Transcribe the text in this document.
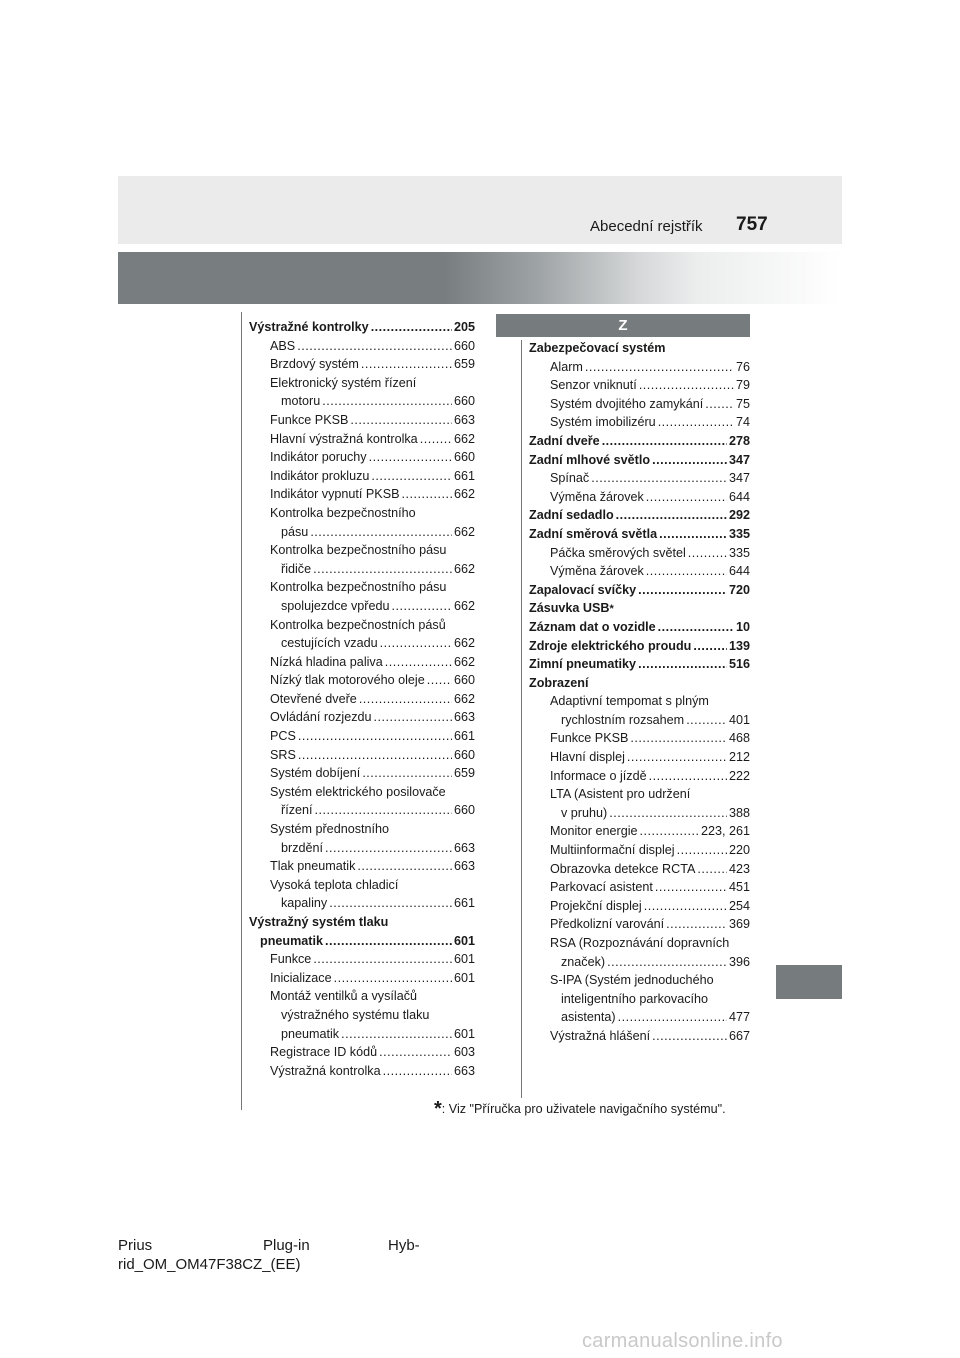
Abecední rejstřík 757
Z
Výstražné kontrolky .....	205
ABS .....	660
Brzdový systém .....	659
Elektronický systém řízení
motoru .....	660
Funkce PKSB .....	663
Hlavní výstražná kontrolka .....	662
Indikátor poruchy .....	660
Indikátor prokluzu .....	661
Indikátor vypnutí PKSB .....	662
Kontrolka bezpečnostního
pásu .....	662
Kontrolka bezpečnostního pásu
řidiče .....	662
Kontrolka bezpečnostního pásu
spolujezdce vpředu .....	662
Kontrolka bezpečnostních pásů
cestujících vzadu .....	662
Nízká hladina paliva .....	662
Nízký tlak motorového oleje ..... 660
Otevřené dveře .....	662
Ovládání rozjezdu .....	663
PCS .....	661
SRS .....	660
Systém dobíjení .....	659
Systém elektrického posilovače
řízení .....	660
Systém přednostního
brzdění .....	663
Tlak pneumatik .....	663
Vysoká teplota chladicí
kapaliny .....	661
Výstražný systém tlaku
pneumatik .....	601
Funkce .....	601
Inicializace .....	601
Montáž ventilků a vysílačů
výstražného systému tlaku
pneumatik .....	601
Registrace ID kódů .....	603
Výstražná kontrolka .....	663
Zabezpečovací systém
Alarm .....	76
Senzor vniknutí .....	79
Systém dvojitého zamykání .....	75
Systém imobilizéru .....	74
Zadní dveře .....	278
Zadní mlhové světlo .....	347
Spínač .....	347
Výměna žárovek .....	644
Zadní sedadlo .....	292
Zadní směrová světla .....	335
Páčka směrových světel .....	335
Výměna žárovek .....	644
Zapalovací svíčky .....	720
Zásuvka USB *
Záznam dat o vozidle .....	10
Zdroje elektrického proudu .....	139
Zimní pneumatiky .....	516
Zobrazení
Adaptivní tempomat s plným
rychlostním rozsahem .....	401
Funkce PKSB .....	468
Hlavní displej .....	212
Informace o jízdě .....	222
LTA (Asistent pro udržení
v pruhu) .....	388
Monitor energie .....	223, 261
Multiinformační displej .....	220
Obrazovka detekce RCTA .....	423
Parkovací asistent .....	451
Projekční displej .....	254
Předkolizní varování .....	369
RSA (Rozpoznávání dopravních
značek) .....	396
S-IPA (Systém jednoduchého
inteligentního parkovacího
asistenta) .....	477
Výstražná hlášení .....	667
*: Viz "Příručka pro uživatele navigačního systému".
Prius	Plug-in	Hyb-
rid_OM_OM47F38CZ_(EE)
carmanualsonline.info
